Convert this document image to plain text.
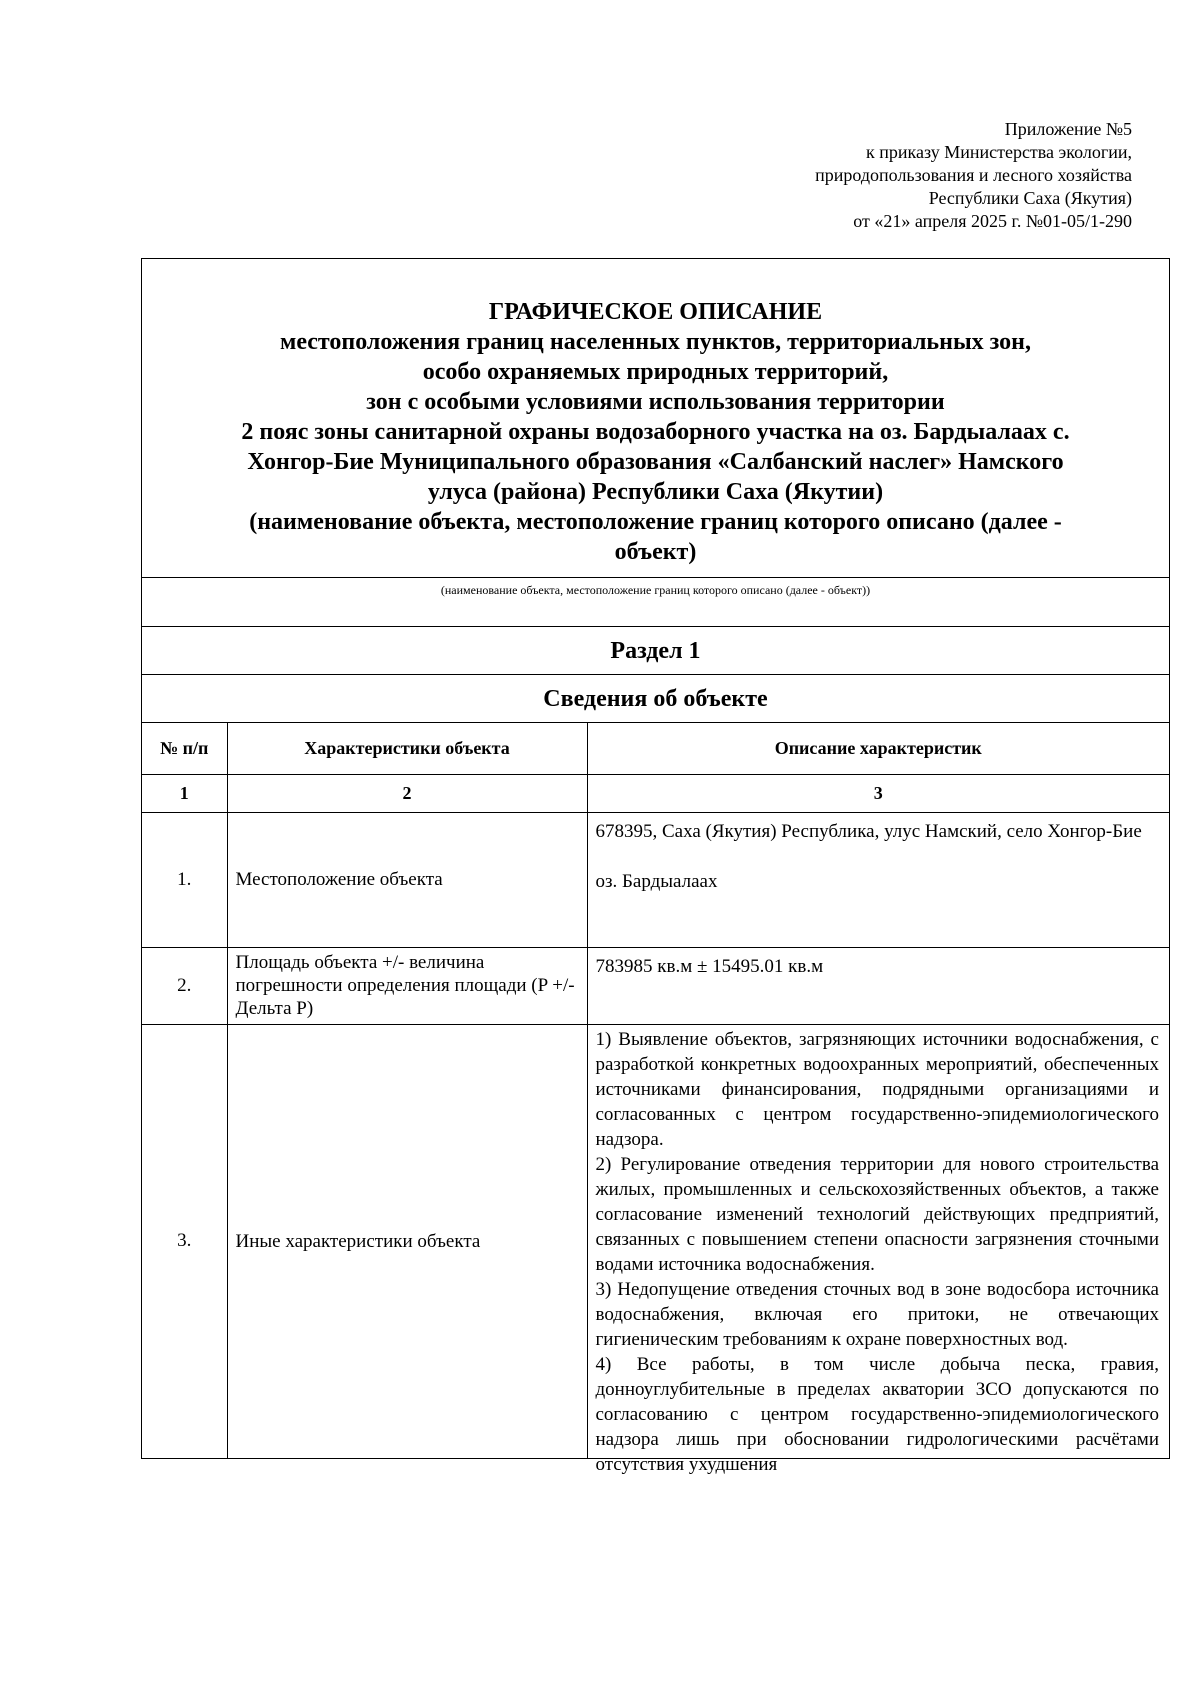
Приложение №5
к приказу Министерства экологии,
природопользования и лесного хозяйства
Республики Саха (Якутия)
от «21» апреля 2025 г. №01-05/1-290
ГРАФИЧЕСКОЕ ОПИСАНИЕ
местоположения границ населенных пунктов, территориальных зон,
особо охраняемых природных территорий,
зон с особыми условиями использования территории
2 пояс зоны санитарной охраны водозаборного участка на оз. Бардыалаах с.
Хонгор-Бие Муниципального образования «Салбанский наслег» Намского
улуса (района) Республики Саха (Якутии)
(наименование объекта, местоположение границ которого описано (далее -
объект)
(наименование объекта, местоположение границ которого описано (далее - объект))
Раздел 1
Сведения об объекте
№ п/п	Характеристики объекта	Описание характеристик
1	2	3
1.	Местоположение объекта	678395, Саха (Якутия) Республика, улус Намский, село Хонгор-Бие

оз. Бардыалаах

2.	Площадь объекта +/- величина погрешности определения площади (P +/- Дельта P)	783985 кв.м ± 15495.01 кв.м

3.	Иные характеристики объекта	1) Выявление объектов, загрязняющих источники водоснабжения, с разработкой конкретных водоохранных мероприятий, обеспеченных источниками финансирования, подрядными организациями и согласованных с центром государственно-эпидемиологического надзора.

2) Регулирование отведения территории для нового строительства жилых, промышленных и сельскохозяйственных объектов, а также согласование изменений технологий действующих предприятий, связанных с повышением степени опасности загрязнения сточными водами источника водоснабжения.

3) Недопущение отведения сточных вод в зоне водосбора источника водоснабжения, включая его притоки, не отвечающих гигиеническим требованиям к охране поверхностных вод.

4) Все работы, в том числе добыча песка, гравия, донноуглубительные в пределах акватории ЗСО допускаются по согласованию с центром государственно-эпидемиологического надзора лишь при обосновании гидрологическими расчётами отсутствия ухудшения
